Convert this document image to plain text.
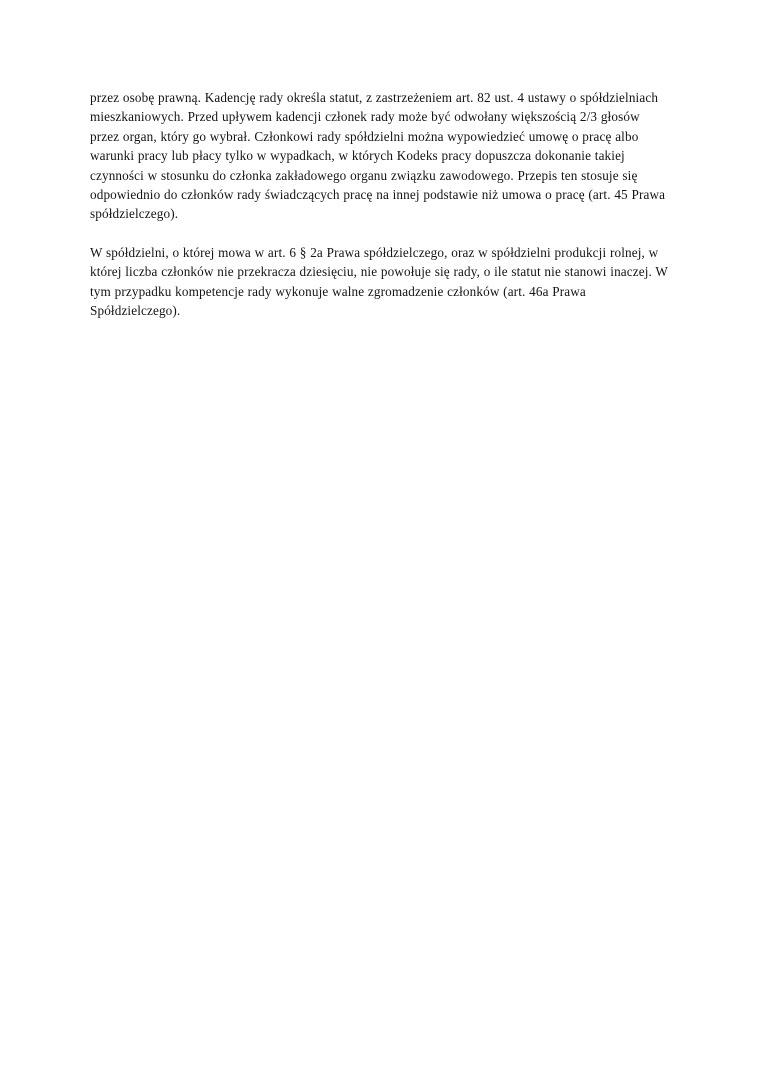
przez osobę prawną. Kadencję rady określa statut, z zastrzeżeniem art. 82 ust. 4 ustawy o spółdzielniach mieszkaniowych. Przed upływem kadencji członek rady może być odwołany większością 2/3 głosów przez organ, który go wybrał. Członkowi rady spółdzielni można wypowiedzieć umowę o pracę albo warunki pracy lub płacy tylko w wypadkach, w których Kodeks pracy dopuszcza dokonanie takiej czynności w stosunku do członka zakładowego organu związku zawodowego. Przepis ten stosuje się odpowiednio do członków rady świadczących pracę na innej podstawie niż umowa o pracę (art. 45 Prawa spółdzielczego).

W spółdzielni, o której mowa w art. 6 § 2a Prawa spółdzielczego, oraz w spółdzielni produkcji rolnej, w której liczba członków nie przekracza dziesięciu, nie powołuje się rady, o ile statut nie stanowi inaczej. W tym przypadku kompetencje rady wykonuje walne zgromadzenie członków (art. 46a Prawa Spółdzielczego).
